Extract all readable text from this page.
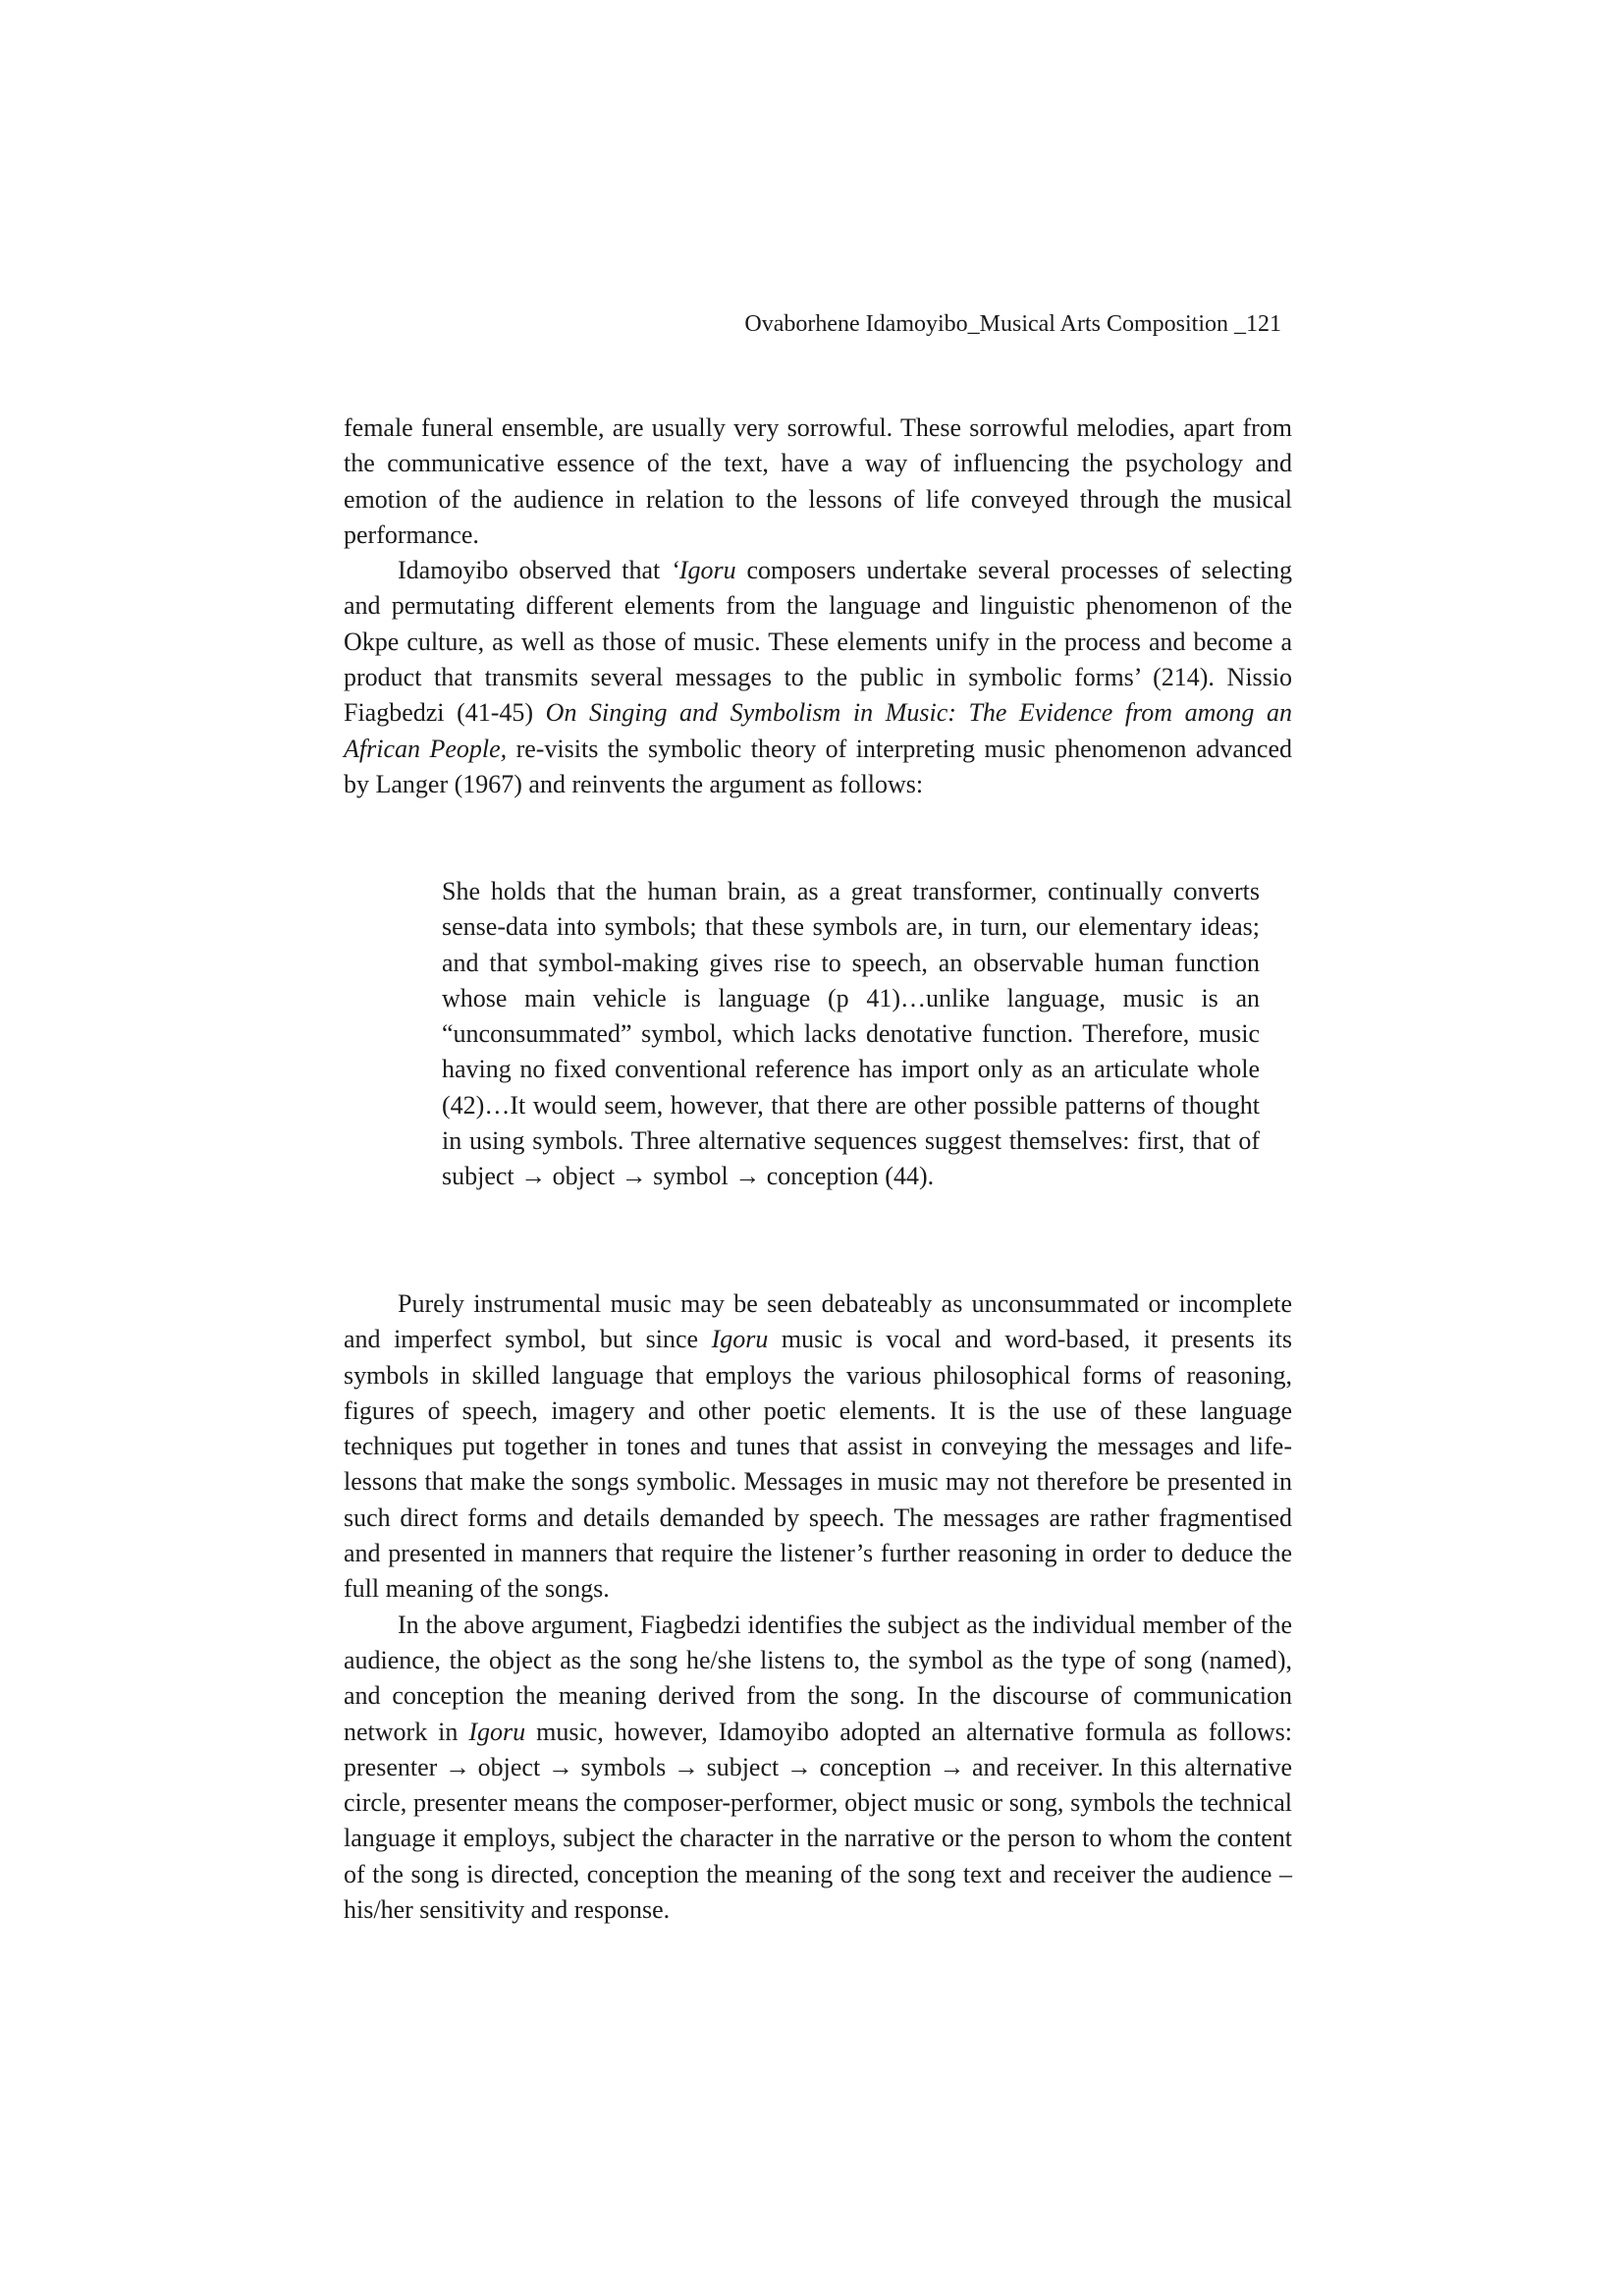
Ovaborhene Idamoyibo_Musical Arts Composition _121

female funeral ensemble, are usually very sorrowful. These sorrowful melodies, apart from the communicative essence of the text, have a way of influencing the psychology and emotion of the audience in relation to the lessons of life conveyed through the musical performance.

Idamoyibo observed that ‘Igoru composers undertake several processes of selecting and permutating different elements from the language and linguistic phenomenon of the Okpe culture, as well as those of music. These elements unify in the process and become a product that transmits several messages to the public in symbolic forms’ (214). Nissio Fiagbedzi (41-45) On Singing and Symbolism in Music: The Evidence from among an African People, re-visits the symbolic theory of interpreting music phenomenon advanced by Langer (1967) and reinvents the argument as follows:

She holds that the human brain, as a great transformer, continually converts sense-data into symbols; that these symbols are, in turn, our elementary ideas; and that symbol-making gives rise to speech, an observable human function whose main vehicle is language (p 41)…unlike language, music is an “unconsummated” symbol, which lacks denotative function. Therefore, music having no fixed conventional reference has import only as an articulate whole (42)…It would seem, however, that there are other possible patterns of thought in using symbols. Three alternative sequences suggest themselves: first, that of subject → object → symbol → conception (44).

Purely instrumental music may be seen debateably as unconsummated or incomplete and imperfect symbol, but since Igoru music is vocal and word-based, it presents its symbols in skilled language that employs the various philosophical forms of reasoning, figures of speech, imagery and other poetic elements. It is the use of these language techniques put together in tones and tunes that assist in conveying the messages and life-lessons that make the songs symbolic. Messages in music may not therefore be presented in such direct forms and details demanded by speech. The messages are rather fragmentised and presented in manners that require the listener’s further reasoning in order to deduce the full meaning of the songs.

In the above argument, Fiagbedzi identifies the subject as the individual member of the audience, the object as the song he/she listens to, the symbol as the type of song (named), and conception the meaning derived from the song. In the discourse of communication network in Igoru music, however, Idamoyibo adopted an alternative formula as follows: presenter → object → symbols → subject → conception → and receiver. In this alternative circle, presenter means the composer-performer, object music or song, symbols the technical language it employs, subject the character in the narrative or the person to whom the content of the song is directed, conception the meaning of the song text and receiver the audience – his/her sensitivity and response.
